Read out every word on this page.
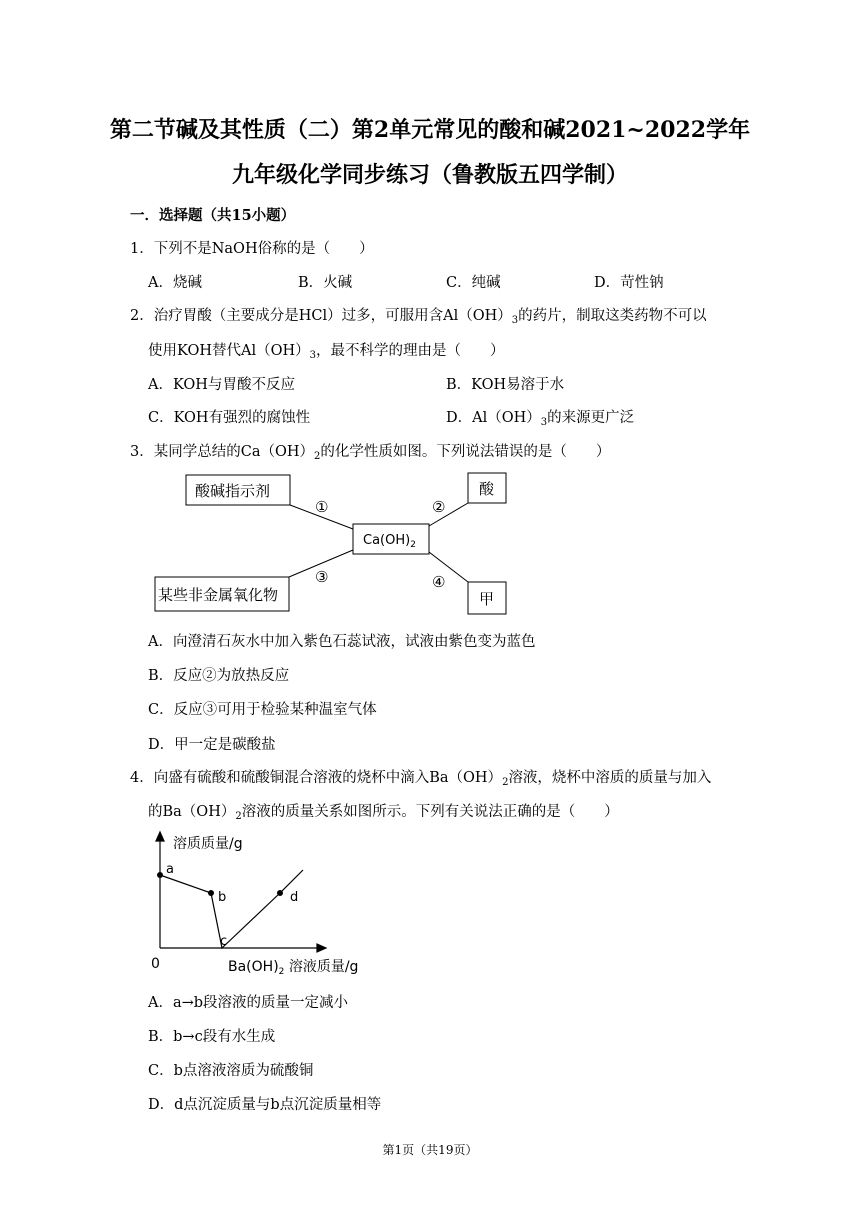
第二节碱及其性质（二）第2单元常见的酸和碱2021~2022学年
九年级化学同步练习（鲁教版五四学制）
一．选择题（共15小题）
1．下列不是NaOH俗称的是（　　）
A．烧碱	B．火碱	C．纯碱	D．苛性钠
2．治疗胃酸（主要成分是HCl）过多，可服用含$Al(OH)_3$的药片，制取这类药物不可以
使用KOH替代$Al(OH)_3$，最不科学的理由是（　　）
A．KOH与胃酸不反应	B．KOH易溶于水
C．KOH有强烈的腐蚀性	D．$Al(OH)_3$的来源更广泛
3．某同学总结的$Ca(OH)_2$的化学性质如图。下列说法错误的是（　　）
酸碱指示剂	酸
某些非金属氧化物	甲
$Ca(OH)_2$
①	②
③	④
A．向澄清石灰水中加入紫色石蕊试液，试液由紫色变为蓝色
B．反应②为放热反应
C．反应③可用于检验某种温室气体
D．甲一定是碳酸盐
4．向盛有硫酸和硫酸铜混合溶液的烧杯中滴入$Ba(OH)_2$溶液，烧杯中溶质的质量与加入
的$Ba(OH)_2$溶液的质量关系如图所示。下列有关说法正确的是（　　）
a
b
c
d
溶质质量/g
0	$Ba(OH)_2$ 溶液质量/g
A．a→b段溶液的质量一定减小
B．b→c段有水生成
C．b点溶液溶质为硫酸铜
D．d点沉淀质量与b点沉淀质量相等
第1页（共19页）
